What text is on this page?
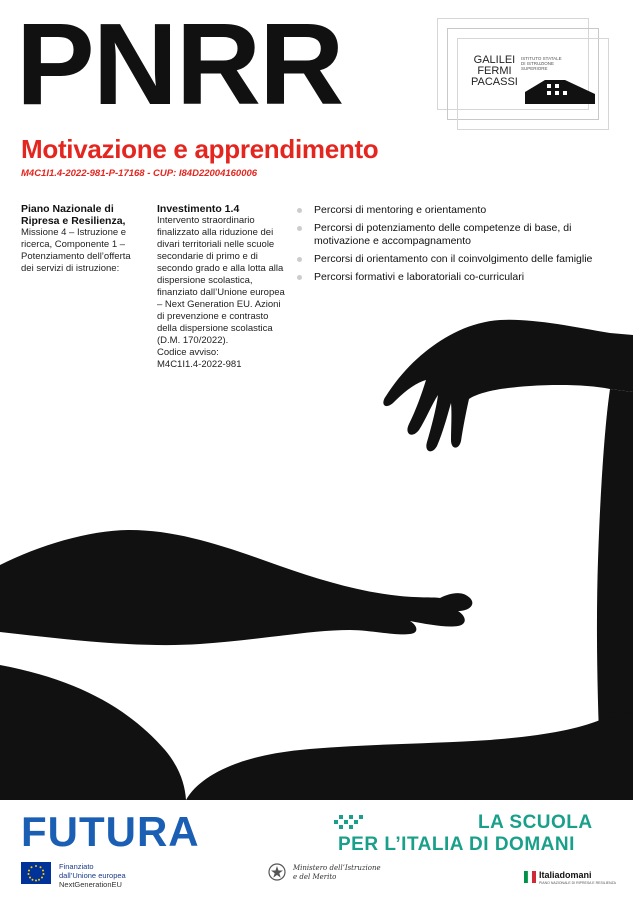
PNRR	GALILEI
FERMI
PACASSI
ISTITUTO STATALE
DI ISTRUZIONE SUPERIORE
Motivazione e apprendimento
M4C1I1.4-2022-981-P-17168 - CUP: I84D22004160006
Piano Nazionale di
Ripresa e Resilienza,
Missione 4 – Istruzione e ricerca, Componente 1 – Potenziamento dell’offerta dei servizi di istruzione:
Investimento 1.4
Intervento straordinario finalizzato alla riduzione dei divari territoriali nelle scuole secondarie di primo e di secondo grado e alla lotta alla dispersione scolastica, finanziato dall’Unione europea – Next Generation EU. Azioni di prevenzione e contrasto della dispersione scolastica (D.M. 170/2022).
Codice avviso:
M4C1I1.4-2022-981
Percorsi di mentoring e orientamento
Percorsi di potenziamento delle competenze di base, di motivazione e accompagnamento
Percorsi di orientamento con il coinvolgimento delle famiglie
Percorsi formativi e laboratoriali co-curriculari
FUTURA	LA SCUOLA
PER L’ITALIA DI DOMANI
Finanziato
dall’Unione europea
NextGenerationEU
Ministero dell’Istruzione
e del Merito	Italiadomani
PIANO NAZIONALE DI RIPRESA E RESILIENZA
